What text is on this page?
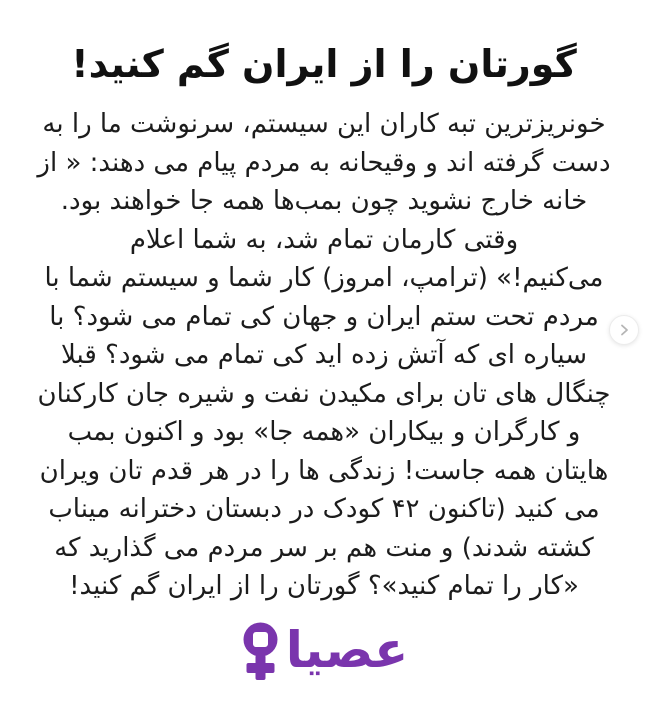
گورتان را از ایران گم کنید!
خونریزترین تبه کاران این سیستم، سرنوشت ما را به
دست گرفته اند و وقیحانه به مردم پیام می دهند: « از
خانه خارج نشوید چون بمب‌ها همه جا خواهند بود.
وقتی کارمان تمام شد، به شما اعلام
می‌کنیم!» (ترامپ، امروز) کار شما و سیستم شما با
مردم تحت ستم ایران و جهان کی تمام می شود؟ با
سیاره ای که آتش زده اید کی تمام می شود؟ قبلا
چنگال های تان برای مکیدن نفت و شیره جان کارکنان
و کارگران و بیکاران «همه جا» بود و اکنون بمب
هایتان همه جاست! زندگی ها را در هر قدم تان ویران
می کنید (تاکنون ۴۲ کودک در دبستان دخترانه میناب
کشته شدند) و منت هم بر سر مردم می گذارید که
«کار را تمام کنید»؟ گورتان را از ایران گم کنید!
عصیا
